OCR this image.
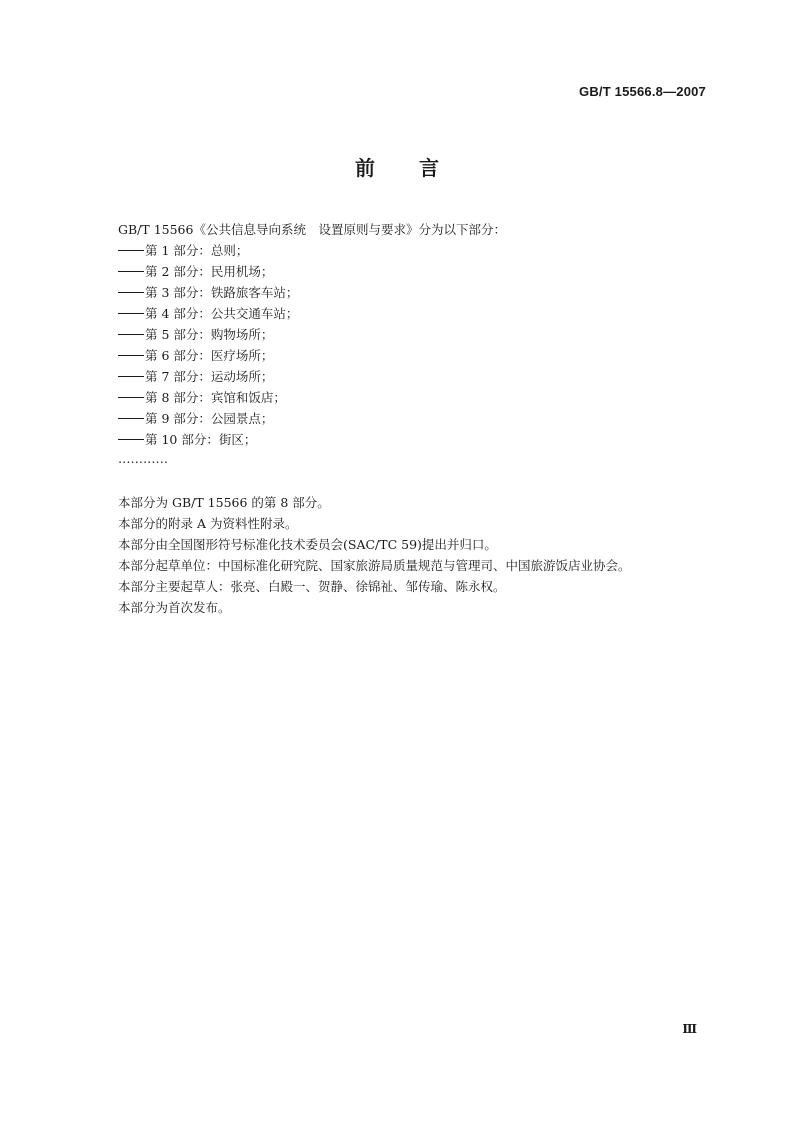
GB/T 15566.8—2007
前言
GB/T 15566《公共信息导向系统　设置原则与要求》分为以下部分：
第 1 部分：总则；
第 2 部分：民用机场；
第 3 部分：铁路旅客车站；
第 4 部分：公共交通车站；
第 5 部分：购物场所；
第 6 部分：医疗场所；
第 7 部分：运动场所；
第 8 部分：宾馆和饭店；
第 9 部分：公园景点；
第 10 部分：街区；
…………
本部分为 GB/T 15566 的第 8 部分。
本部分的附录 A 为资料性附录。
本部分由全国图形符号标准化技术委员会(SAC/TC 59)提出并归口。
本部分起草单位：中国标准化研究院、国家旅游局质量规范与管理司、中国旅游饭店业协会。
本部分主要起草人：张亮、白殿一、贺静、徐锦祉、邹传瑜、陈永权。
本部分为首次发布。
Ⅲ
